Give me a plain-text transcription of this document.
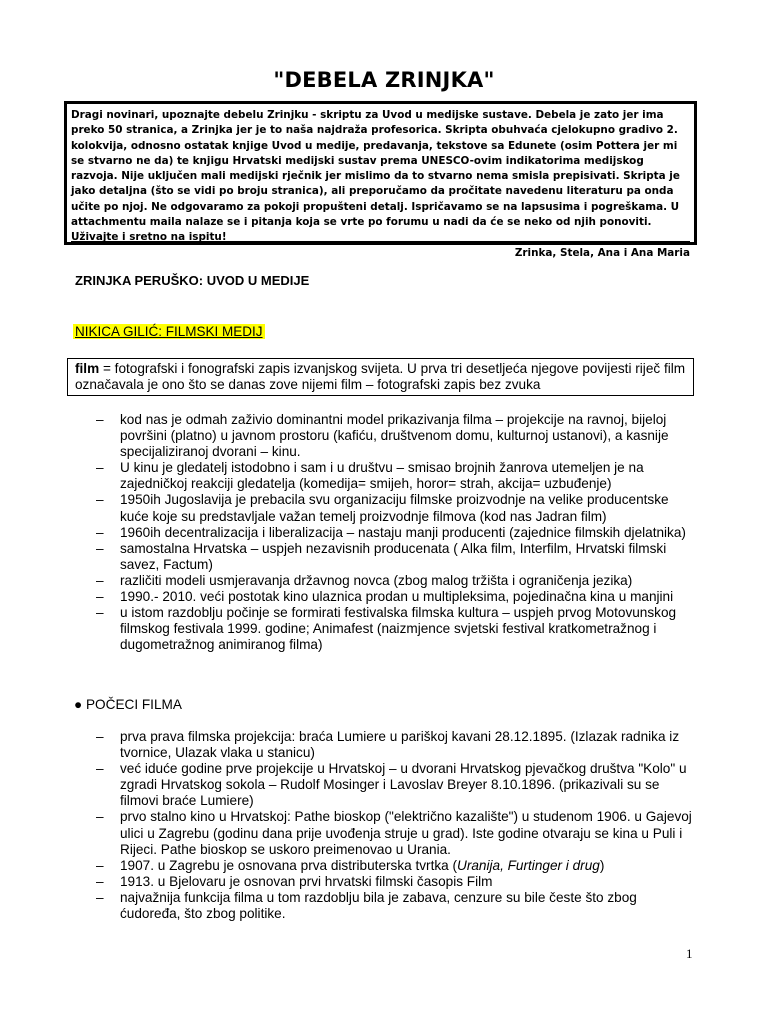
"DEBELA ZRINJKA"

Dragi novinari, upoznajte debelu Zrinjku - skriptu za Uvod u medijske sustave. Debela je zato jer ima preko 50 stranica, a Zrinjka jer je to naša najdraža profesorica. Skripta obuhvaća cjelokupno gradivo 2. kolokvija, odnosno ostatak knjige Uvod u medije, predavanja, tekstove sa Edunete (osim Pottera jer mi se stvarno ne da) te knjigu Hrvatski medijski sustav prema UNESCO-ovim indikatorima medijskog razvoja. Nije uključen mali medijski rječnik jer mislimo da to stvarno nema smisla prepisivati. Skripta je jako detaljna (što se vidi po broju stranica), ali preporučamo da pročitate navedenu literaturu pa onda učite po njoj. Ne odgovaramo za pokoji propušteni detalj. Ispričavamo se na lapsusima i pogreškama. U attachmentu maila nalaze se i pitanja koja se vrte po forumu u nadi da će se neko od njih ponoviti. Uživajte i sretno na ispitu!

Zrinka, Stela, Ana i Ana Maria
ZRINJKA PERUŠKO: UVOD U MEDIJE
NIKICA GILIĆ: FILMSKI MEDIJ
film = fotografski i fonografski zapis izvanjskog svijeta. U prva tri desetljeća njegove povijesti riječ film označavala je ono što se danas zove nijemi film – fotografski zapis bez zvuka
– kod nas je odmah zaživio dominantni model prikazivanja filma – projekcije na ravnoj, bijeloj površini (platno) u javnom prostoru (kafiću, društvenom domu, kulturnoj ustanovi), a kasnije specijaliziranoj dvorani – kinu.
– U kinu je gledatelj istodobno i sam i u društvu – smisao brojnih žanrova utemeljen je na zajedničkoj reakciji gledatelja (komedija= smijeh, horor= strah, akcija= uzbuđenje)
– 1950ih Jugoslavija je prebacila svu organizaciju filmske proizvodnje na velike producentske kuće koje su predstavljale važan temelj proizvodnje filmova (kod nas Jadran film)
– 1960ih decentralizacija i liberalizacija – nastaju manji producenti (zajednice filmskih djelatnika)
– samostalna Hrvatska – uspjeh nezavisnih producenata ( Alka film, Interfilm, Hrvatski filmski savez, Factum)
– različiti modeli usmjeravanja državnog novca (zbog malog tržišta i ograničenja jezika)
– 1990.- 2010. veći postotak kino ulaznica prodan u multipleksima, pojedinačna kina u manjini
– u istom razdoblju počinje se formirati festivalska filmska kultura – uspjeh prvog Motovunskog filmskog festivala 1999. godine; Animafest (naizmjence svjetski festival kratkometražnog i dugometražnog animiranog filma)
● POČECI FILMA
– prva prava filmska projekcija: braća Lumiere u pariškoj kavani 28.12.1895. (Izlazak radnika iz tvornice, Ulazak vlaka u stanicu)
– već iduće godine prve projekcije u Hrvatskoj – u dvorani Hrvatskog pjevačkog društva "Kolo" u zgradi Hrvatskog sokola – Rudolf Mosinger i Lavoslav Breyer 8.10.1896. (prikazivali su se filmovi braće Lumiere)
– prvo stalno kino u Hrvatskoj: Pathe bioskop ("električno kazalište") u studenom 1906. u Gajevoj ulici u Zagrebu (godinu dana prije uvođenja struje u grad). Iste godine otvaraju se kina u Puli i Rijeci. Pathe bioskop se uskoro preimenovao u Urania.
– 1907. u Zagrebu je osnovana prva distributerska tvrtka (Uranija, Furtinger i drug)
– 1913. u Bjelovaru je osnovan prvi hrvatski filmski časopis Film
– najvažnija funkcija filma u tom razdoblju bila je zabava, cenzure su bile česte što zbog ćudoređa, što zbog politike.
1
